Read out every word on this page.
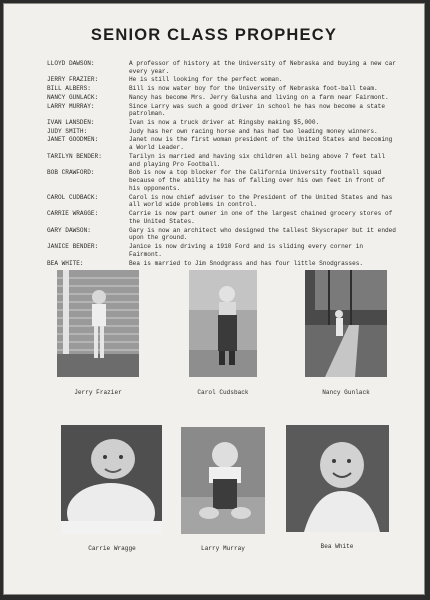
SENIOR CLASS PROPHECY
LLOYD DAWSON:	A professor of history at the University of Nebraska and buying a new car every year.
JERRY FRAZIER:	He is still looking for the perfect woman.
BILL ALBERS:	Bill is now water boy for the University of Nebraska foot-ball team.
NANCY GUNLACK:	Nancy has become Mrs. Jerry Galusha and living on a farm near Fairmont.
LARRY MURRAY:	Since Larry was such a good driver in school he has now become a state patrolman.
IVAN LANSDEN:	Ivan is now a truck driver at Ringsby making $5,000.
JUDY SMITH:	Judy has her own racing horse and has had two leading money winners.
JANET GOODMEN:	Janet now is the first woman president of the United States and becoming a World Leader.
TARILYN BENDER:	Tarilyn is married and having six children all being above 7 feet tall and playing Pro Football.
BOB CRAWFORD:	Bob is now a top blocker for the California University football squad because of the ability he has of falling over his own feet in front of his opponents.
CAROL CUDBACK:	Carol is now chief adviser to the President of the United States and has all world wide problems in control.
CARRIE WRAGGE:	Carrie is now part owner in one of the largest chained grocery stores of the United States.
GARY DAWSON:	Gary is now an architect who designed the tallest Skyscraper but it ended upon the ground.
JANICE BENDER:	Janice is now driving a 1910 Ford and is sliding every corner in Fairmont.
BEA WHITE:	Bea is married to Jim Snodgrass and has four little Snodgrasses.
Jerry Frazier	Carol Cudsback	Nancy Gunlack
Carrie Wragge	Larry Murray	Bea White
